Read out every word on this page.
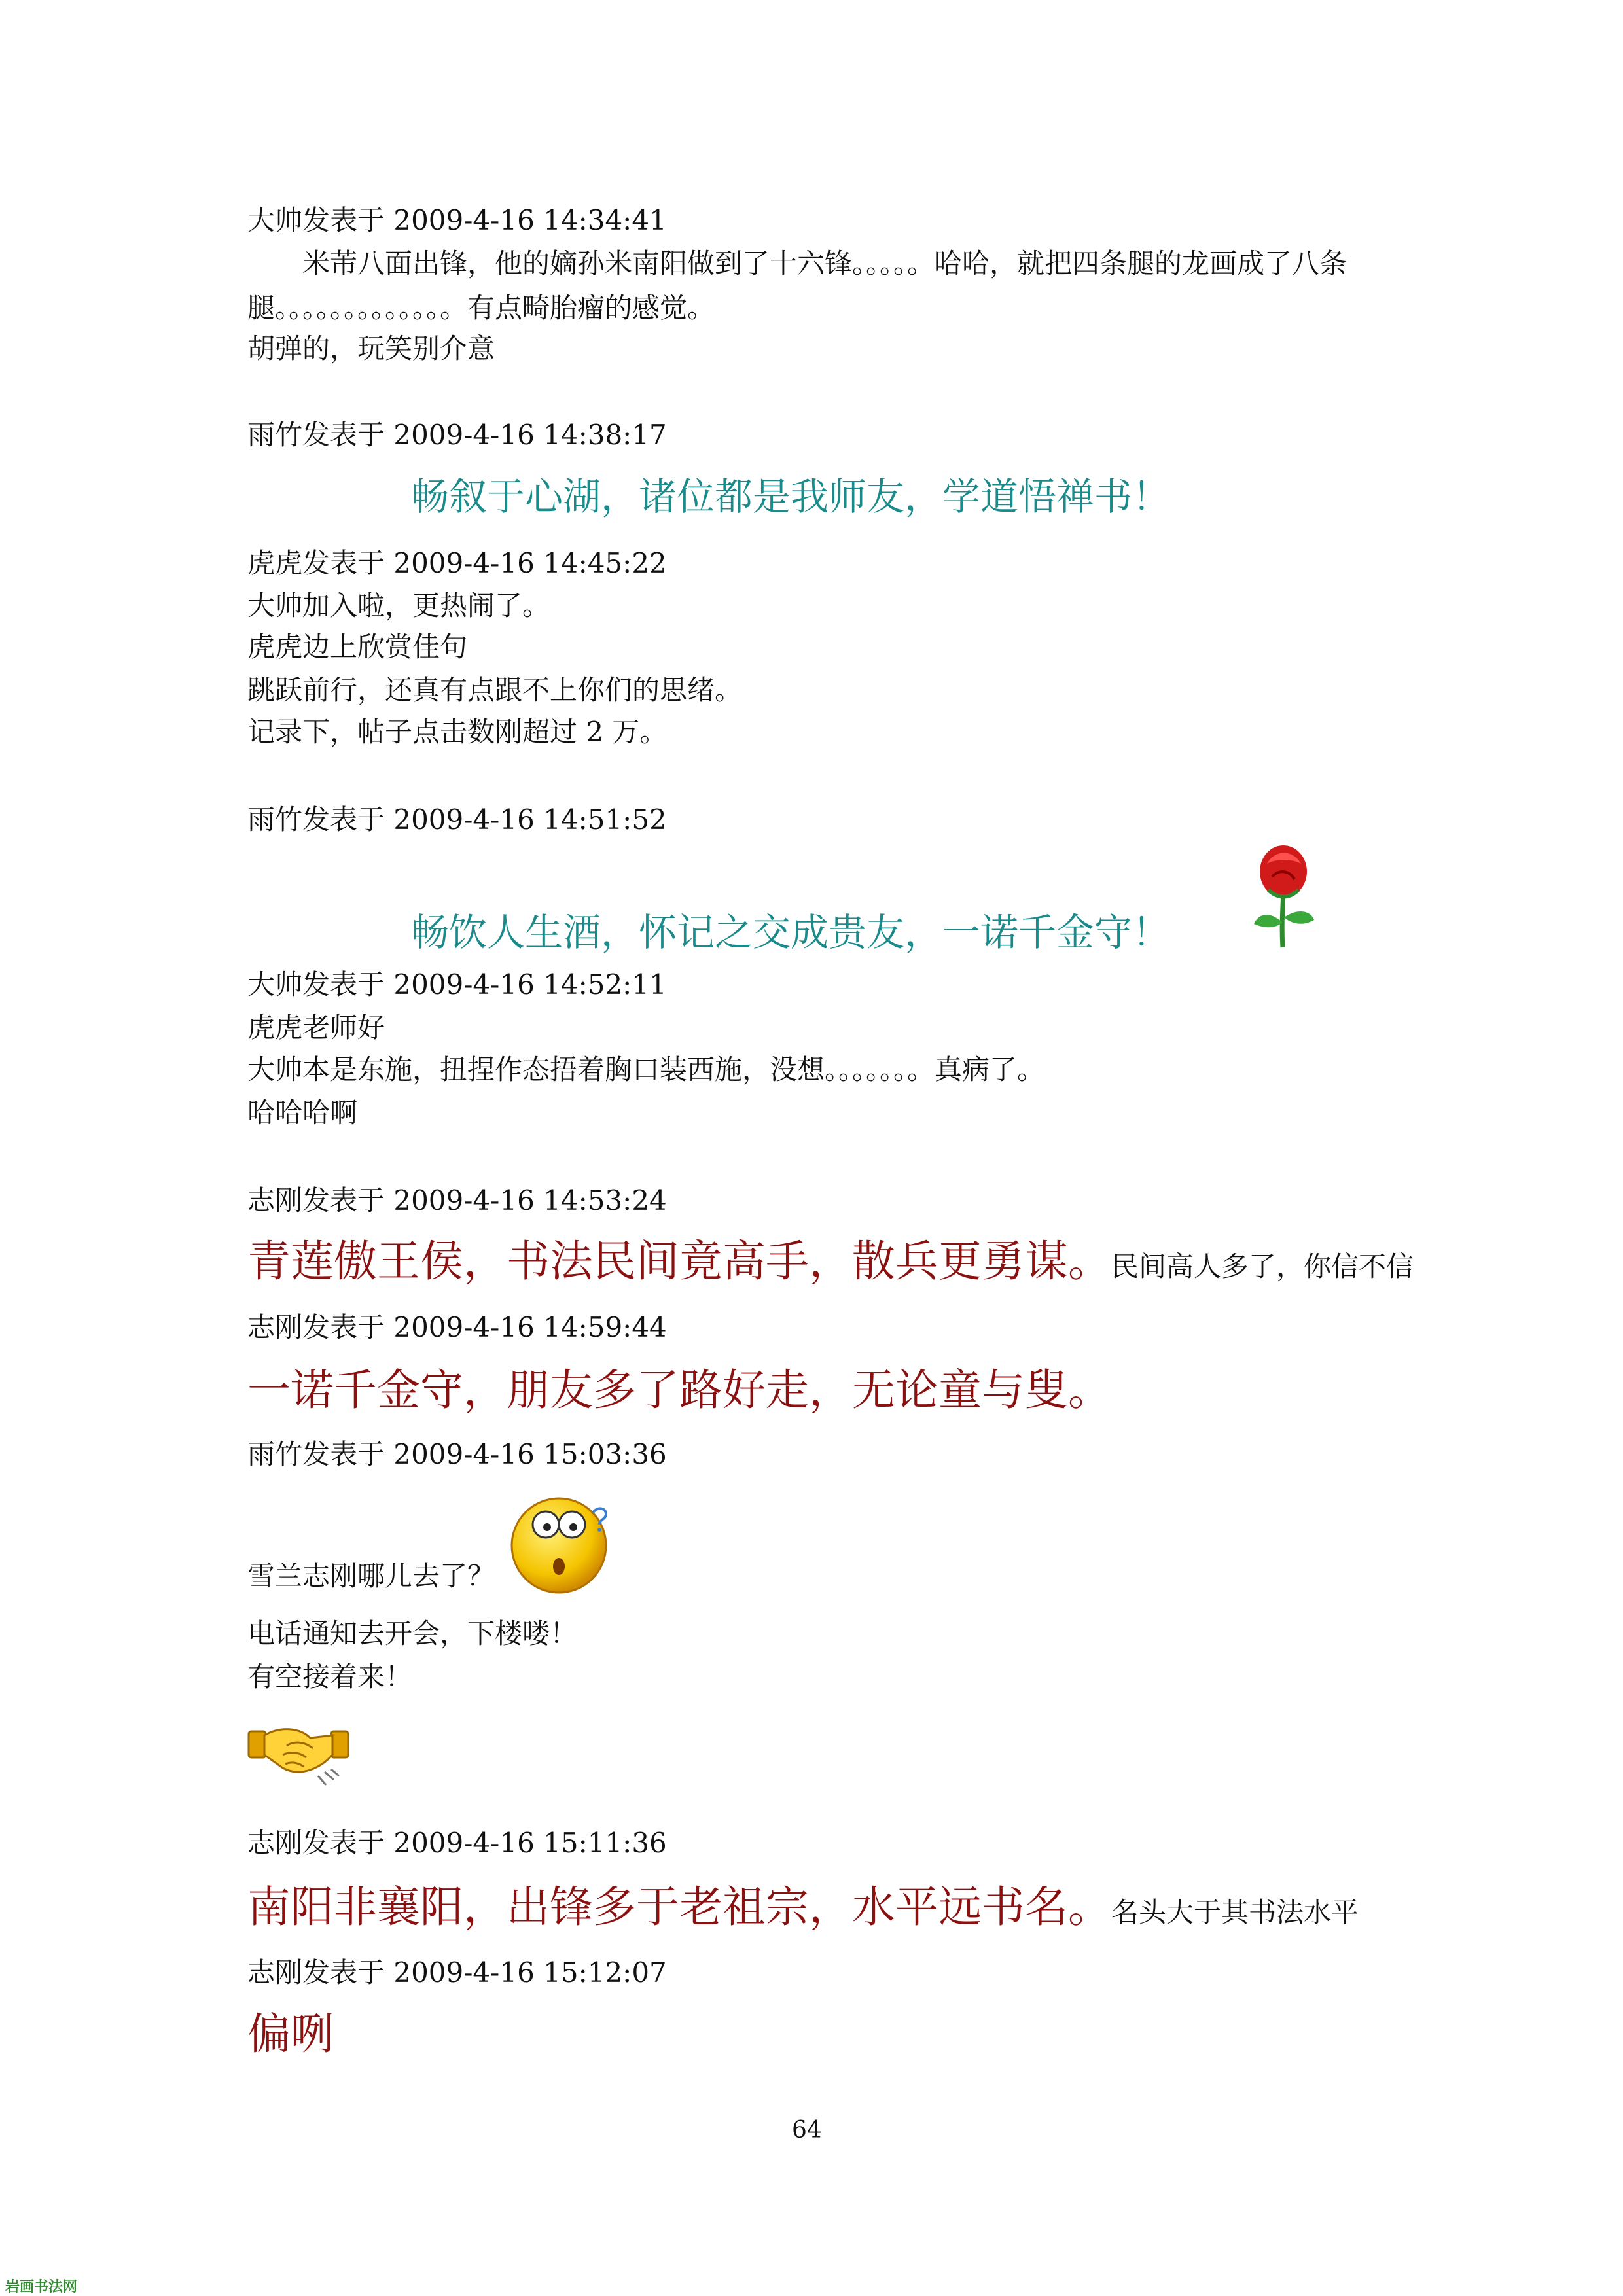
大帅发表于 2009-4-16 14:34:41
米芾八面出锋，他的嫡孙米南阳做到了十六锋。。。。。哈哈，就把四条腿的龙画成了八条
腿。。。。。。。。。。。。。有点畸胎瘤的感觉。
胡弹的，玩笑别介意
雨竹发表于 2009-4-16 14:38:17
畅叙于心湖，诸位都是我师友，学道悟禅书！
虎虎发表于 2009-4-16 14:45:22
大帅加入啦，更热闹了。
虎虎边上欣赏佳句
跳跃前行，还真有点跟不上你们的思绪。
记录下，帖子点击数刚超过 2 万。
雨竹发表于 2009-4-16 14:51:52
畅饮人生酒，怀记之交成贵友，一诺千金守！
大帅发表于 2009-4-16 14:52:11
虎虎老师好
大帅本是东施，扭捏作态捂着胸口装西施，没想。。。。。。。真病了。
哈哈哈啊
志刚发表于 2009-4-16 14:53:24
青莲傲王侯，书法民间竟高手，散兵更勇谋。民间高人多了，你信不信
志刚发表于 2009-4-16 14:59:44
一诺千金守，朋友多了路好走，无论童与叟。
雨竹发表于 2009-4-16 15:03:36
雪兰志刚哪儿去了？
电话通知去开会，下楼喽！
有空接着来！
志刚发表于 2009-4-16 15:11:36
南阳非襄阳，出锋多于老祖宗，水平远书名。名头大于其书法水平
志刚发表于 2009-4-16 15:12:07
偏咧
64
岩画书法网
